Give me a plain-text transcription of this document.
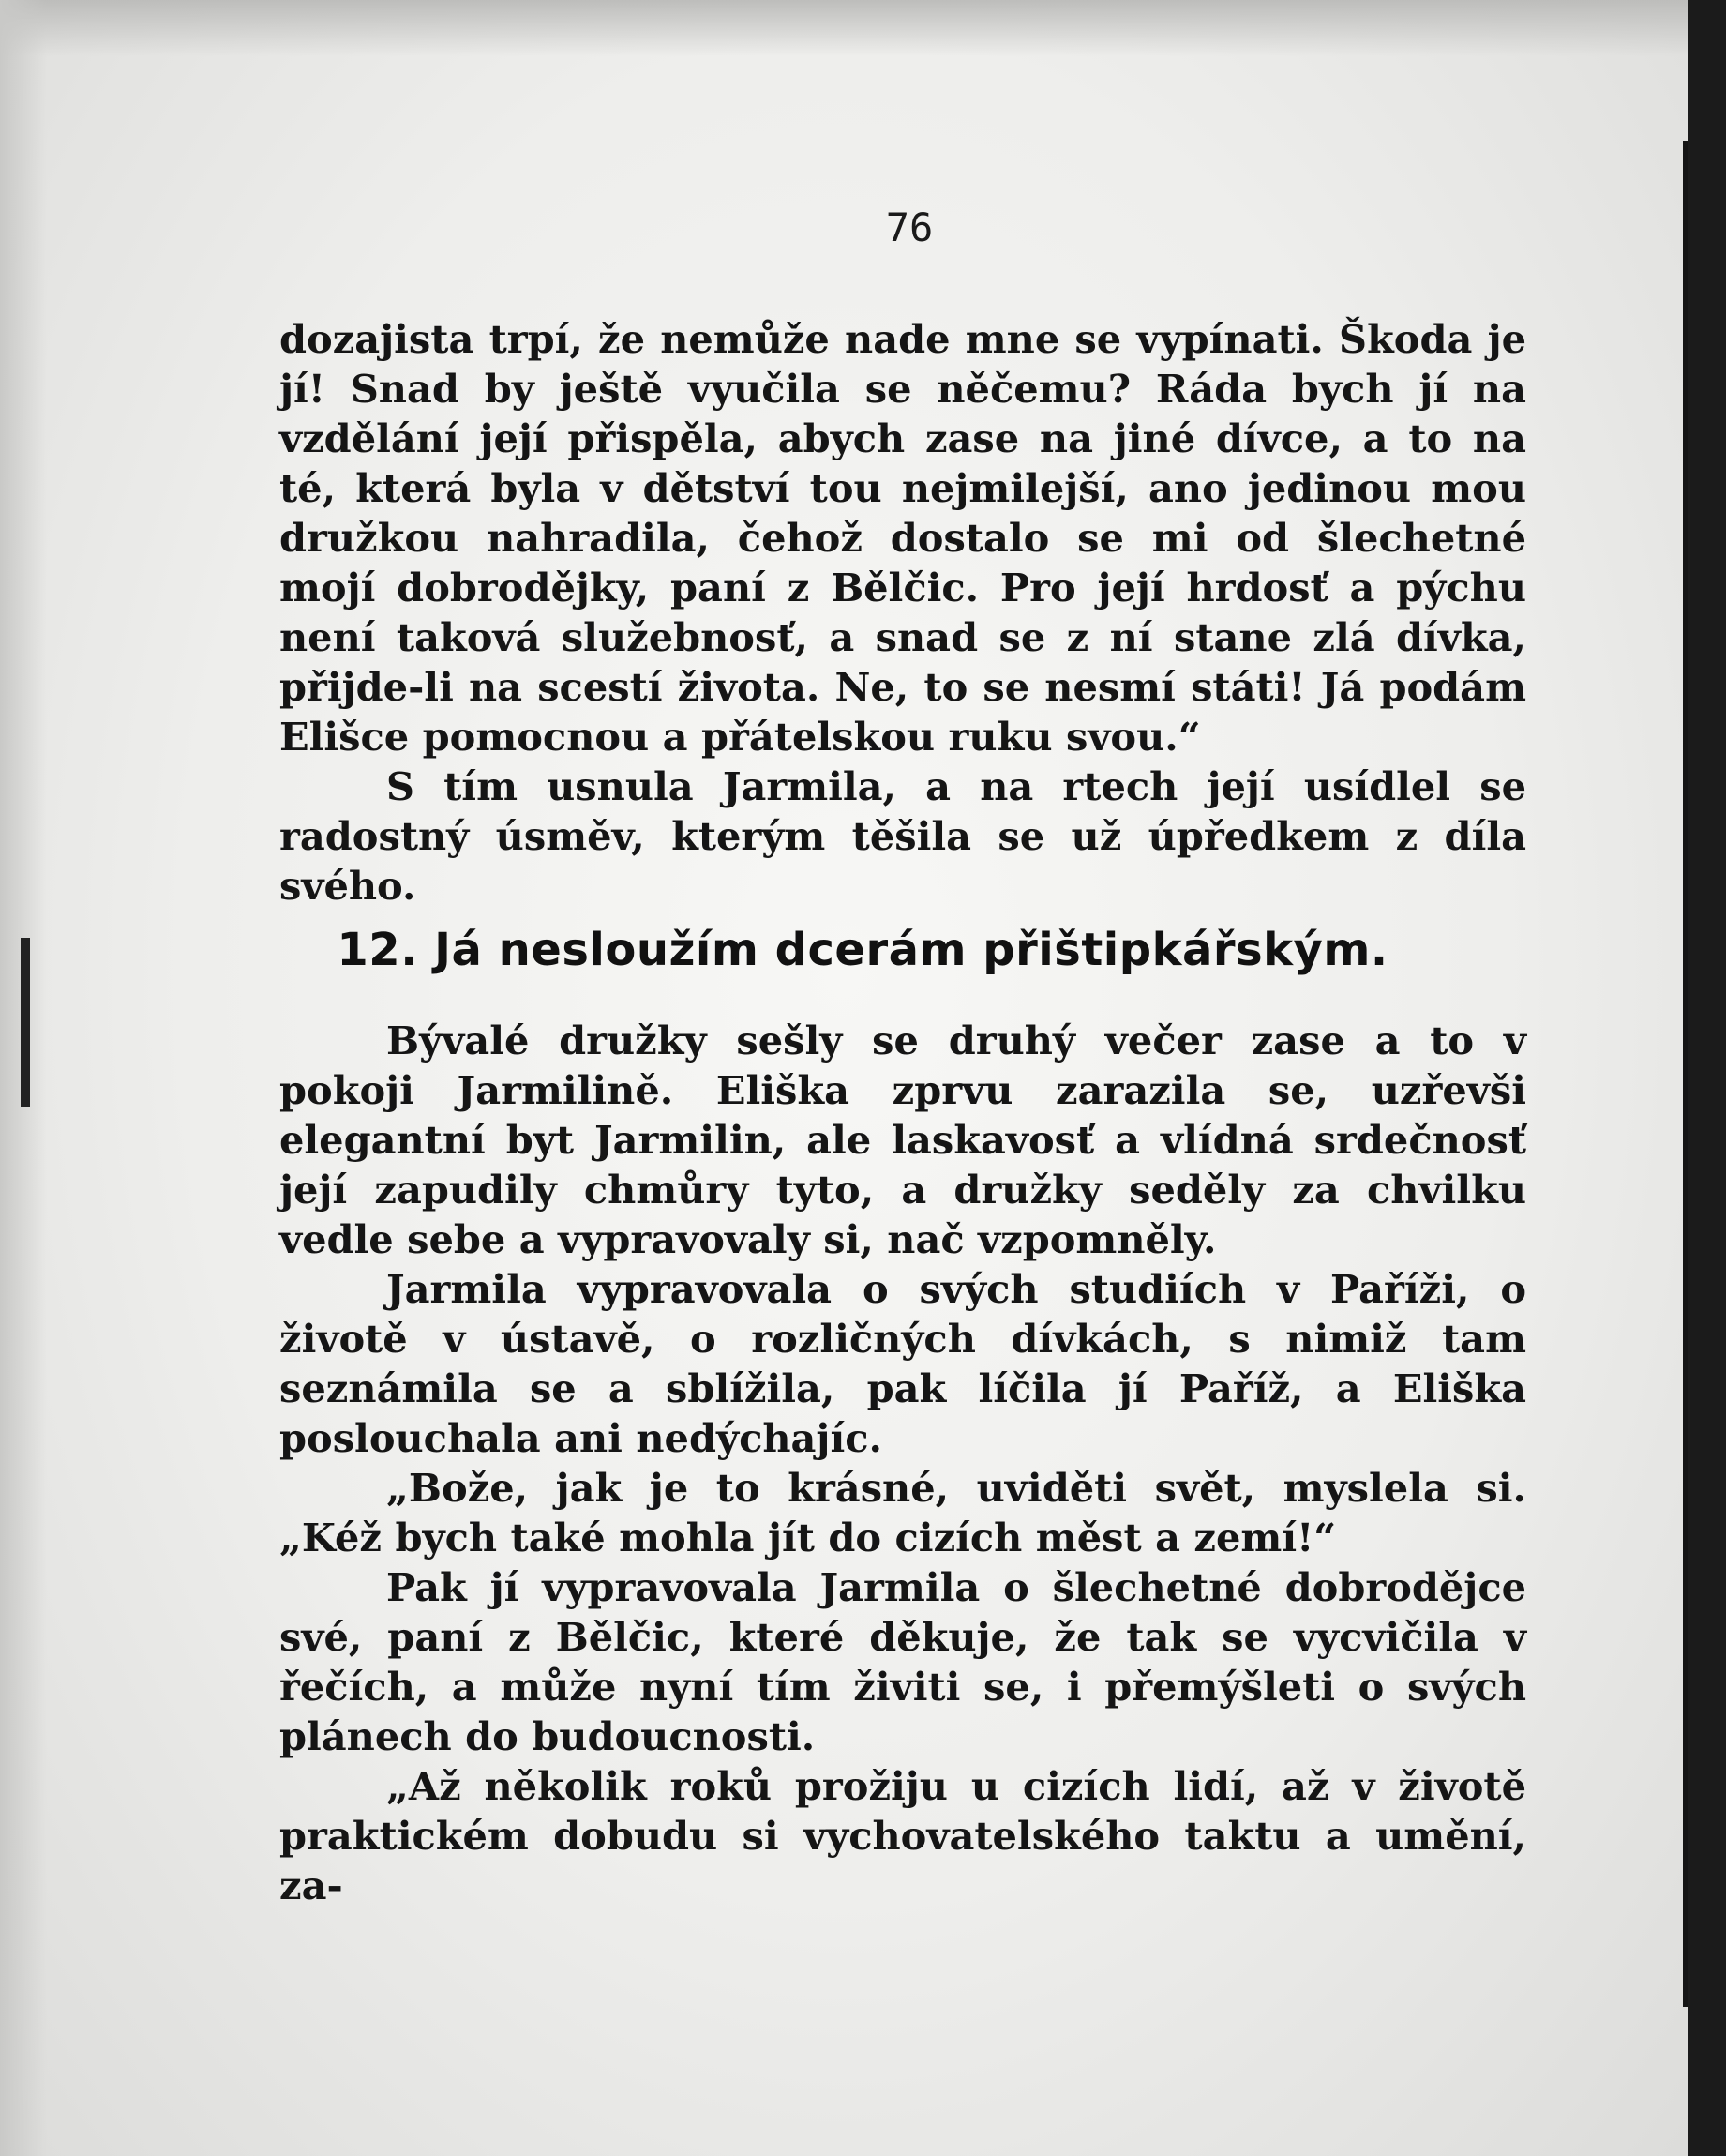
76

dozajista trpí, že nemůže nade mne se vypínati. Škoda je jí! Snad by ještě vyučila se něčemu? Ráda bych jí na vzdělání její přispěla, abych zase na jiné dívce, a to na té, která byla v dětství tou nejmilejší, ano jedinou mou družkou nahradila, čehož dostalo se mi od šlechetné mojí dobrodějky, paní z Bělčic. Pro její hrdosť a pýchu není taková služebnosť, a snad se z ní stane zlá dívka, přijde-li na scestí života. Ne, to se nesmí státi! Já podám Elišce pomocnou a přátelskou ruku svou.“

S tím usnula Jarmila, a na rtech její usídlel se radostný úsměv, kterým těšila se už úpředkem z díla svého.

12. Já nesloužím dcerám přištipkářským.

Bývalé družky sešly se druhý večer zase a to v pokoji Jarmilině. Eliška zprvu zarazila se, uzřevši elegantní byt Jarmilin, ale laskavosť a vlídná srdečnosť její zapudily chmůry tyto, a družky seděly za chvilku vedle sebe a vypravovaly si, nač vzpomněly.

Jarmila vypravovala o svých studiích v Paříži, o životě v ústavě, o rozličných dívkách, s nimiž tam seznámila se a sblížila, pak líčila jí Paříž, a Eliška poslouchala ani nedýchajíc.

„Bože, jak je to krásné, uviděti svět, myslela si. „Kéž bych také mohla jít do cizích měst a zemí!“

Pak jí vypravovala Jarmila o šlechetné dobrodějce své, paní z Bělčic, které děkuje, že tak se vycvičila v řečích, a může nyní tím živiti se, i přemýšleti o svých plánech do budoucnosti.

„Až několik roků prožiju u cizích lidí, až v životě praktickém dobudu si vychovatelského taktu a umění, za-
